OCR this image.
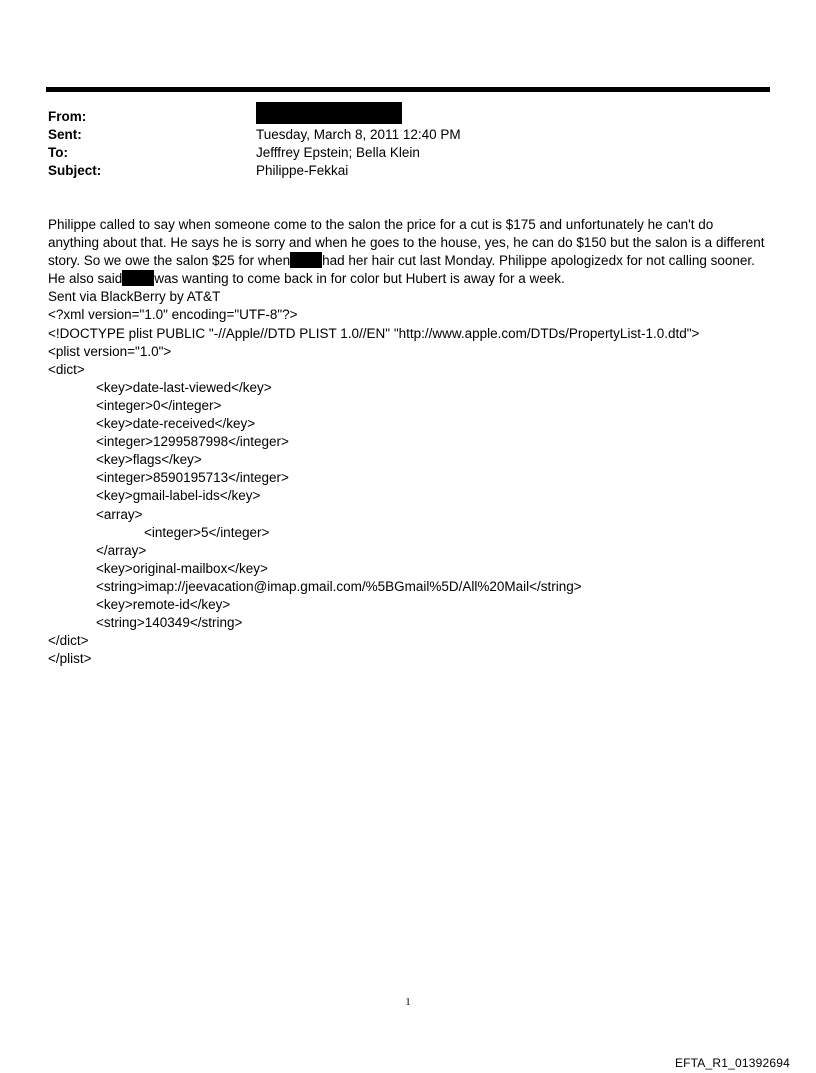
From:
Sent:	Tuesday, March 8, 2011 12:40 PM
To:	Jefffrey Epstein; Bella Klein
Subject:	Philippe-Fekkai

Philippe called to say when someone come to the salon the price for a cut is $175 and unfortunately he can't do

anything about that. He says he is sorry and when he goes to the house, yes, he can do $150 but the salon is a different

story. So we owe the salon $25 for when had her hair cut last Monday. Philippe apologizedx for not calling sooner.

He also said was wanting to come back in for color but Hubert is away for a week.

Sent via BlackBerry by AT&T

<?xml version="1.0" encoding="UTF-8"?>
<!DOCTYPE plist PUBLIC "-//Apple//DTD PLIST 1.0//EN" "http://www.apple.com/DTDs/PropertyList-1.0.dtd">
<plist version="1.0">
<dict>
<key>date-last-viewed</key>
<integer>0</integer>
<key>date-received</key>
<integer>1299587998</integer>
<key>flags</key>
<integer>8590195713</integer>
<key>gmail-label-ids</key>
<array>
<integer>5</integer>
</array>
<key>original-mailbox</key>
<string>imap://jeevacation@imap.gmail.com/%5BGmail%5D/All%20Mail</string>
<key>remote-id</key>
<string>140349</string>
</dict>
</plist>
1
EFTA_R1_01392694
